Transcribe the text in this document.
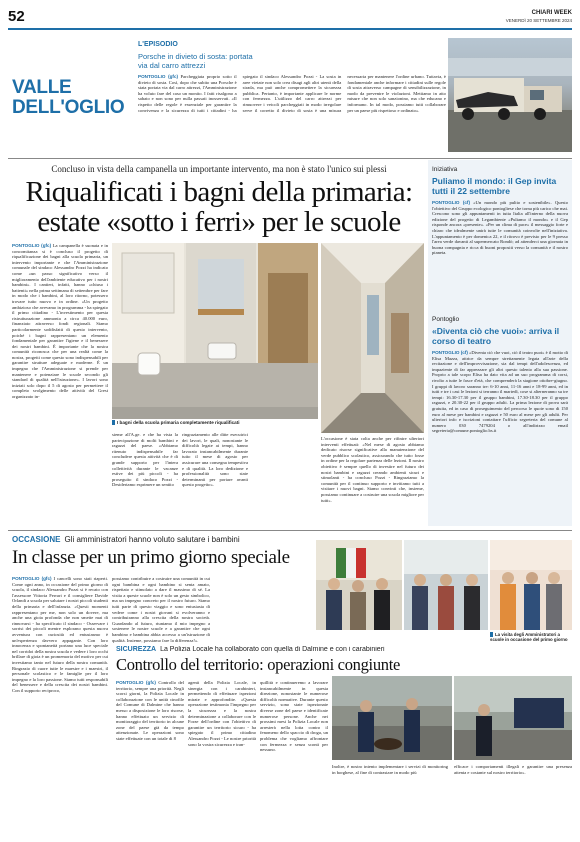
52	CHIARI WEEK
VENERDÌ 20 SETTEMBRE 2024
VALLE
DELL'OGLIO
L'EPISODIO
Porsche in divieto di sosta: portata via dal carro attrezzi
PONTOGLIO (gfc) Parcheggiata proprio sotto il divieto di sosta. Così, dopo che subito una Porsche è stata portata via dal carro attrezzi, l'Amministrazione ha voluto fare del caso un monito. I fatti risalgono a sabato e non sono per nulla passati inosservati. «Il rispetto delle regole è essenziale per garantire la convivenza e la sicurezza di tutti i cittadini - ha spiegato il sindaco Alessandro Pozzi - La sosta in aree vietate non solo crea disagi agli altri utenti della strada, ma può anche compromettere la sicurezza pubblica. Pertanto, è importante applicare le norme con fermezza. L'utilizzo del carro attrezzi per rimuovere i veicoli parcheggiati in modo irregolare serve il corretto il divieto di sosta è una misura necessaria per mantenere l'ordine urbano. Tuttavia, è fondamentale anche informare i cittadini sulle regole di sosta attraverso campagne di sensibilizzazione, in modo da prevenire le violazioni. Mettiamo in atto misure che non solo sanzionino, ma che educano e informano. In tal modo, possiamo tutti collaborare per un paese più rispettoso e ordinato».
Concluso in vista della campanella un importante intervento, ma non è stato l'unico sui plessi
Riqualificati i bagni della primaria:
estate «sotto i ferri» per le scuole
PONTOGLIO (gfc) La campanella è suonata e in concomitanza si è concluso il progetto di riqualificazione dei bagni alla scuola primaria, un intervento importante e che l'Amministrazione comunale del sindaco Alessandro Pozzi ha indicato come «un passo significativo verso il miglioramento dell'ambiente educativo per i nostri bambini». I cantieri, infatti, hanno «chiuso i battenti» nella prima settimana di settembre per fare in modo che i bambini, al loro ritorno, potessero trovare tutto nuovo e in ordine. «Un progetto ambizioso che avevamo in programma - ha spiegato il primo cittadino - L'investimento per questa ristrutturazione ammonta a circa 40.000 euro, finanziato attraverso fondi regionali. Siamo particolarmente soddisfatti di questo intervento, poiché i bagni rappresentano un elemento fondamentale per garantire l'igiene e il benessere dei nostri bambini. È importante che la nostra comunità riconosca che per una realtà come la nostra, progetti come questo sono indispensabili per garantire strutture adeguate e moderne. È un impegno che l'Amministrazione si prende per mantenere e potenziare le scuole secondo gli standard di qualità nell'istruzione». I lavori sono iniziati solo dopo il 5 di agosto per permettere il completo svolgimento delle attività del Grest organizzato in-
I bagni della scuola primaria completamente riqualificati
sieme all'A.ge. e che ha vista la partecipazione di molti bambini e ragazzi del paese. «Abbiamo ritenuto indispensabile far concludere questa attività che è di grande supporto per l'intera collettività durante le vacanze estive dei più piccoli - ha proseguito il sindaco Pozzi - Desideriamo esprimere un sentito
ringraziamento alle ditte esecutrici dei lavori, le quali, nonostante le difficoltà legate ai tempi, hanno lavorato instancabilmente durante tutto il mese di agosto per assicurare una consegna tempestiva e di qualità. La loro dedizione e professionalità sono state determinanti per portare avanti questo progetto».
L'occasione è stata colta anche per rifinire ulteriori interventi effettuati: «Nel mese di agosto abbiamo dedicato risorse significative alla manutenzione del verde pubblico scolastico, assicurando che tutto fosse in ordine per la regolare partenza delle lezioni. Il nostro obiettivo è sempre quello di investire nel futuro dei nostri bambini e ragazzi creando ambienti sicuri e stimolanti - ha concluso Pozzi - Ringraziamo la comunità per il continuo supporto e invitiamo tutti a visitare i nuovi bagni. Siamo convinti che, insieme, possiamo continuare a costruire una scuola migliore per tutti».
Iniziativa
Puliamo il mondo: il Gep invita tutti il 22 settembre
PONTOGLIO (cf) «Un mondo più pulito e sostenibile». Questo l'obiettivo del Gruppo ecologico pontogliese che torna più carico che mai. Crescono sono gli appuntamenti in tutta Italia all'interno della nuova edizione del progetto di Legambiente «Puliamo il mondo» e il Gep risponde ancora «presente». «Per un clima di pace» il messaggio forte e chiaro che idealmente unirà tutte le comunità coinvolte nell'iniziativa. L'appuntamento è per domenica 22, e il ritrovo è previsto per le 9 presso l'area verde davanti al supermercato Rondò; ad attenderci una giornata in buona compagnia e ricca di buoni propositi verso la comunità e il nostro pianeta.
Pontoglio
«Diventa ciò che vuoi»: arriva il corso di teatro
PONTOGLIO (cf) «Diventa ciò che vuoi, ciò il teatro puoi» è il motto di Elisa Mazza, attrice da sempre strettamente legata all'arte della recitazione e dell'improvvisazione, sia dal tempi dell'adolescenza, ed impaziente di far apprezzare gli altri questo talento alla sua passione. Proprio a tale scopo Elisa ha dato vita ad un suo programma di corsi, rivolto a tutte le fasce d'età, che comprenderà la stagione ottobre-giugno. I gruppi di lavoro saranno tre: 6-10 anni, 11-16 anni e 18-99 anni, ed in tutti e tre i casi le lezioni si terranno il martedì, cose si alterneranno su tre tempi: 16.30-17.30 per il gruppo bambini, 17.30-18.30 per il gruppo ragazzi, e 20.30-22 per il gruppo adulti. La prima lezione di prova sarà gratuita, ed in caso di proseguimento del percorso le quote sono di 150 euro al mese per bambini e ragazzi e 50 euro al mese per gli adulti. Per ulteriori info e iscrizioni contattare l'ufficio segreteria del comune al numero 030 7479204 o all'indirizzo email segreteria@comune.pontoglio.bs.it
OCCASIONE Gli amministratori hanno voluto salutare i bambini
In classe per un primo giorno speciale
PONTOGLIO (gfc) I cancelli sono stati riaperti. Come ogni anno, in occasione del primo giorno di scuola, il sindaco Alessandro Pozzi si è recato con l'assessore Vittoria Ferrari e il consigliere Davide Orlandi a scuola per salutare i nostri piccoli studenti della primaria e dell'infanzia. «Questi momenti rappresentano per me, non solo un dovere, ma anche una gioia profonda che non smette mai di rinnovarsi - ha specificato il sindaco - Osservare i sorrisi dei piccoli mentre esplorano questa nuova avventura con curiosità ed entusiasmo è un'esperienza davvero appagante. Con loro innocenza e spontaneità portano una luce speciale nel corridoi della nostra scuola e vedere i loro occhi brillare di gioia è un promemoria del motivo per cui investiamo tanto nel futuro della nostra comunità. Ringrazio di cuore tutte le maestre e i maestri, il personale scolastico e le famiglie per il loro impegno e la loro passione. Siamo tutti responsabili del benessere e della crescita dei nostri bambini. Con il supporto reciproco,
possiamo contribuire a costruire una comunità in cui ogni bambina e ogni bambino si senta amato, rispettato e stimolato a dare il massimo di sé. La visita a queste scuole non è solo un gesto simbolico, ma un impegno concreto per il nostro futuro. Siamo tutti parte di questo viaggio e sono entusiasta di vedere come i nostri giovani si evolveranno e contribuiranno alla crescita della nostra società. Guardando al futuro, riuniamo il mio impegno a sostenere le nostre scuole e a garantire che ogni bambino e bambina abbia accesso a un'istruzione di qualità. Insieme, possiamo fare la differenza!».
La visita degli Amministratori a scuole in occasione del primo giorno
SICUREZZA La Polizia Locale ha collaborato con quella di Dalmine e con i carabinieri
Controllo del territorio: operazioni congiunte
PONTOGLIO (gfc) Controllo del territorio, sempre una priorità. Negli scorsi giorni, la Polizia Locale in collaborazione con le unità cinofile del Comune di Dalmine che hanno messo a disposizione le loro risorse, hanno effettuato un servizio di monitoraggio del territorio in alcune zone del paese già da tempo attenzionate. Le operazioni sono state effettuate con un totale di 8
agenti della Polizia Locale, in sinergia con i carabinieri, permettendo di effettuare ispezioni mirate e approfondite. «Questa operazione testimonia l'impegno per la sicurezza e la nostra determinazione a collaborare con le Forze dell'ordine con l'obiettivo di garantire un territorio sicuro - ha spiegato il primo cittadino Alessandro Pozzi - Le nostre priorità sono la vostra sicurezza e tran-
quillità e continueremo a lavorare instancabilmente in questa direzione, nonostante le numerose difficoltà normative. Durante questo servizio, sono state ispezionate diverse zone del paese e identificate numerose persone. Anche nei prossimi mesi la Polizia Locale non arresterà nella lotta contro il fenomeno dello spaccio di droga, un problema che vogliamo affrontare con fermezza e senza sconti per nessuno.
Inoltre, è nostro intento implementare i servizi di monitoring in borghese, al fine di contrastare in modo più
efficace i comportamenti illegali e garantire una presenza attenta e costante sul nostro territorio».
